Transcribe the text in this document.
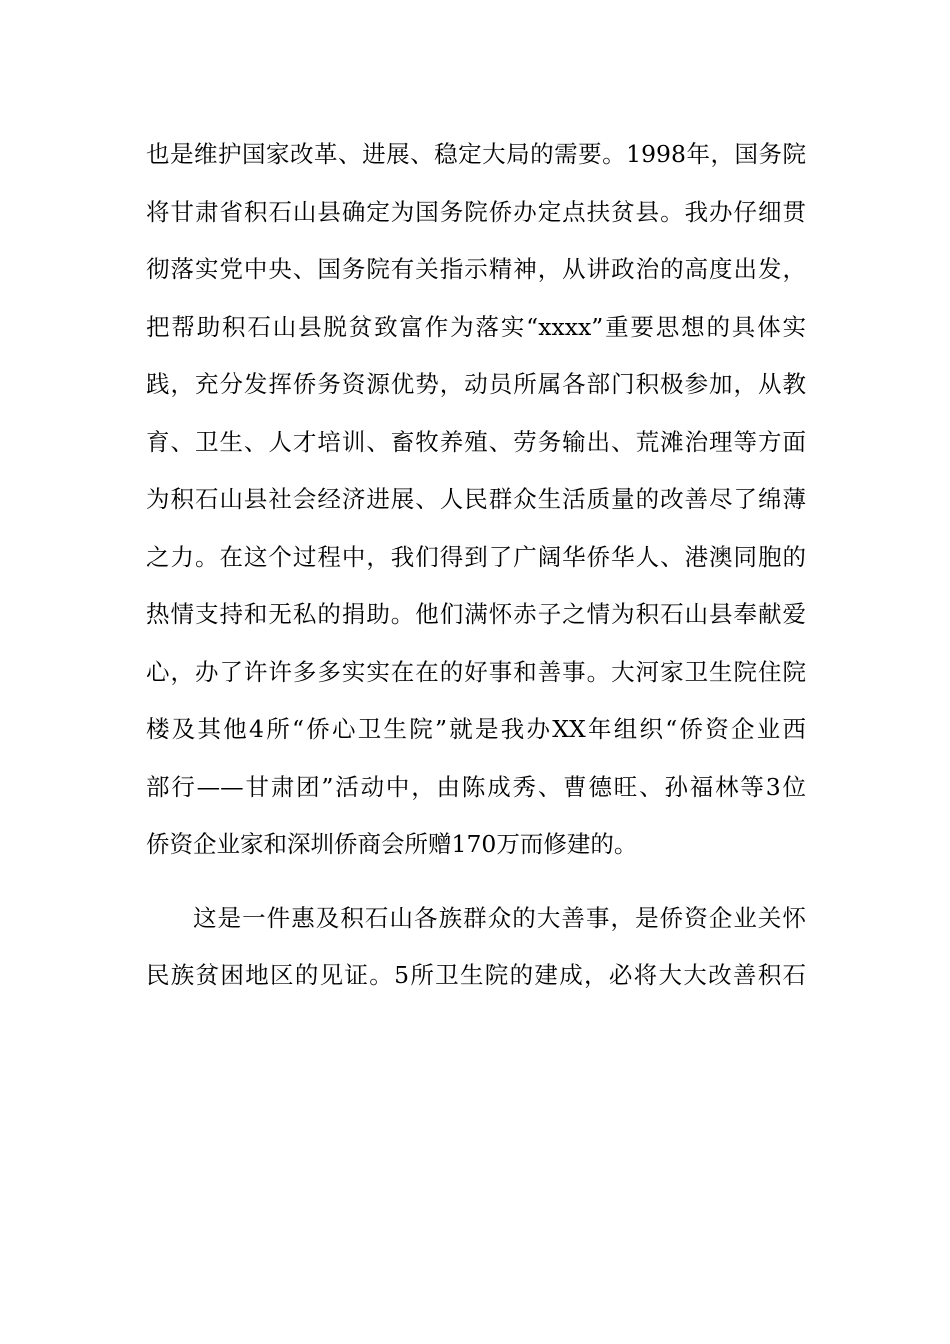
也是维护国家改革、进展、稳定大局的需要。1998年，国务院
将甘肃省积石山县确定为国务院侨办定点扶贫县。我办仔细贯
彻落实党中央、国务院有关指示精神，从讲政治的高度出发，
把帮助积石山县脱贫致富作为落实“xxxx”重要思想的具体实
践，充分发挥侨务资源优势，动员所属各部门积极参加，从教
育、卫生、人才培训、畜牧养殖、劳务输出、荒滩治理等方面
为积石山县社会经济进展、人民群众生活质量的改善尽了绵薄
之力。在这个过程中，我们得到了广阔华侨华人、港澳同胞的
热情支持和无私的捐助。他们满怀赤子之情为积石山县奉献爱
心，办了许许多多实实在在的好事和善事。大河家卫生院住院
楼及其他4所“侨心卫生院”就是我办XX年组织“侨资企业西
部行——甘肃团”活动中，由陈成秀、曹德旺、孙福林等3位
侨资企业家和深圳侨商会所赠170万而修建的。
这是一件惠及积石山各族群众的大善事，是侨资企业关怀
民族贫困地区的见证。5所卫生院的建成，必将大大改善积石
